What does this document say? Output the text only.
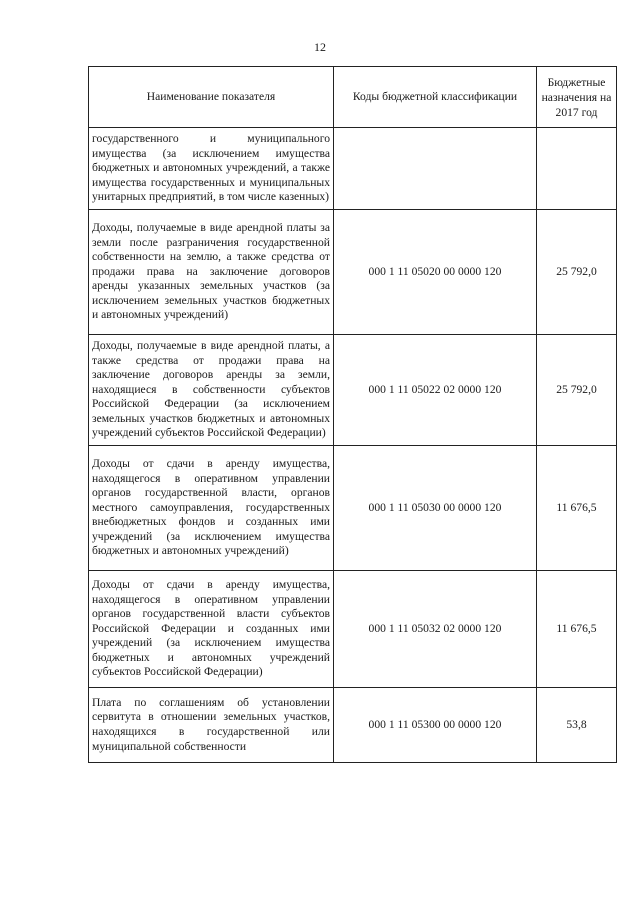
12
Наименование показателя	Коды бюджетной классификации	Бюджетные назначения на 2017 год
государственного и муниципального имущества (за исключением имущества бюджетных и автономных учреждений, а также имущества государственных и муниципальных унитарных предприятий, в том числе казенных)		
Доходы, получаемые в виде арендной платы за земли после разграничения государственной собственности на землю, а также средства от продажи права на заключение договоров аренды указанных земельных участков (за исключением земельных участков бюджетных и автономных учреждений)	000 1 11 05020 00 0000 120	25 792,0
Доходы, получаемые в виде арендной платы, а также средства от продажи права на заключение договоров аренды за земли, находящиеся в собственности субъектов Российской Федерации (за исключением земельных участков бюджетных и автономных учреждений субъектов Российской Федерации)	000 1 11 05022 02 0000 120	25 792,0
Доходы от сдачи в аренду имущества, находящегося в оперативном управлении органов государственной власти, органов местного самоуправления, государственных внебюджетных фондов и созданных ими учреждений (за исключением имущества бюджетных и автономных учреждений)	000 1 11 05030 00 0000 120	11 676,5
Доходы от сдачи в аренду имущества, находящегося в оперативном управлении органов государственной власти субъектов Российской Федерации и созданных ими учреждений (за исключением имущества бюджетных и автономных учреждений субъектов Российской Федерации)	000 1 11 05032 02 0000 120	11 676,5
Плата по соглашениям об установлении сервитута в отношении земельных участков, находящихся в государственной или муниципальной собственности	000 1 11 05300 00 0000 120	53,8
